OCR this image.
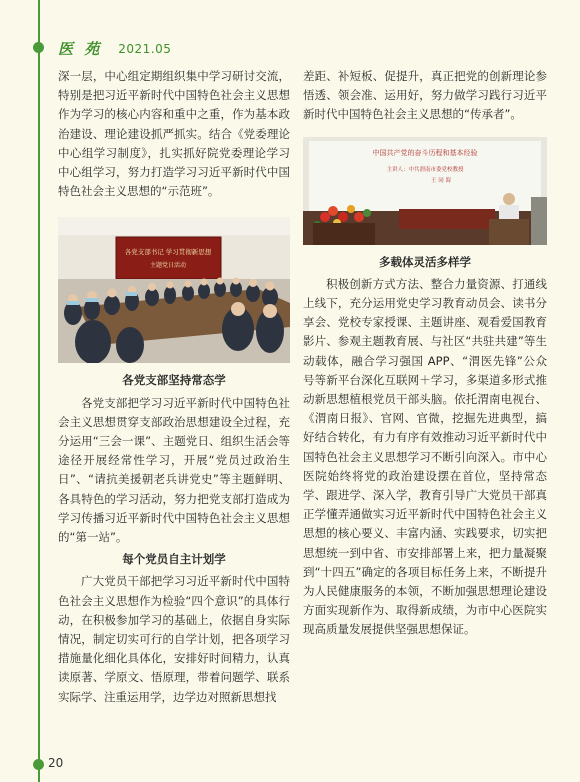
医 苑 2021.05

深一层，中心组定期组织集中学习研讨交流，特别是把习近平新时代中国特色社会主义思想作为学习的核心内容和重中之重，作为基本政治建设、理论建设抓严抓实。结合《党委理论中心组学习制度》，扎实抓好院党委理论学习中心组学习，努力打造学习习近平新时代中国特色社会主义思想的“示范班”。

各党支部书记 学习贯彻新思想
主题党日活动

各党支部坚持常态学

各党支部把学习习近平新时代中国特色社会主义思想贯穿支部政治思想建设全过程，充分运用“三会一课”、主题党日、组织生活会等途径开展经常性学习，开展“党员过政治生日”、“请抗美援朝老兵讲党史”等主题鲜明、各具特色的学习活动，努力把党支部打造成为学习传播习近平新时代中国特色社会主义思想的“第一站”。

每个党员自主计划学

广大党员干部把学习习近平新时代中国特色社会主义思想作为检验“四个意识”的具体行动，在积极参加学习的基础上，依据自身实际情况，制定切实可行的自学计划，把各项学习措施量化细化具体化，安排好时间精力，认真读原著、学原文、悟原理，带着问题学、联系实际学、注重运用学，边学边对照新思想找

差距、补短板、促提升，真正把党的创新理论参悟透、领会准、运用好，努力做学习践行习近平新时代中国特色社会主义思想的“传承者”。

中国共产党的奋斗历程和基本经验
主讲人：中共渭南市委党校教授
王 同 海

多载体灵活多样学

积极创新方式方法、整合力量资源、打通线上线下，充分运用党史学习教育动员会、读书分享会、党校专家授课、主题讲座、观看爱国教育影片、参观主题教育展、与社区“共驻共建”等生动载体，融合学习强国 APP、“渭医先锋”公众号等新平台深化互联网＋学习，多渠道多形式推动新思想植根党员干部头脑。依托渭南电视台、《渭南日报》、官网、官微，挖掘先进典型，搞好结合转化，有力有序有效推动习近平新时代中国特色社会主义思想学习不断引向深入。市中心医院始终将党的政治建设摆在首位，坚持常态学、跟进学、深入学，教育引导广大党员干部真正学懂弄通做实习近平新时代中国特色社会主义思想的核心要义、丰富内涵、实践要求，切实把思想统一到中省、市安排部署上来，把力量凝聚到“十四五”确定的各项目标任务上来，不断提升为人民健康服务的本领，不断加强思想理论建设方面实现新作为、取得新成绩，为市中心医院实现高质量发展提供坚强思想保证。

20
